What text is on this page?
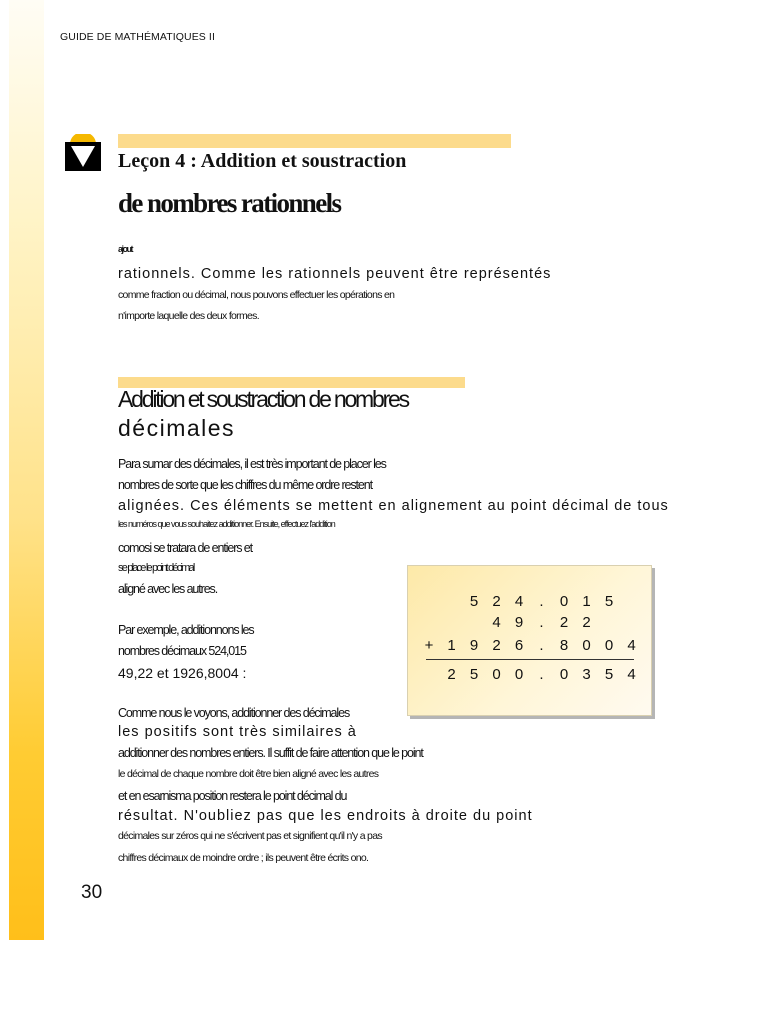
GUIDE DE MATHÉMATIQUES II
Leçon 4 : Addition et soustraction
de nombres rationnels
ajout
rationnels. Comme les rationnels peuvent être représentés
comme fraction ou décimal, nous pouvons effectuer les opérations en
n'importe laquelle des deux formes.
Addition et soustraction de nombres
décimales
Para sumar des décimales, il est très important de placer les
nombres de sorte que les chiffres du même ordre restent
alignées. Ces éléments se mettent en alignement au point décimal de tous
les numéros que vous souhaitez additionner. Ensuite, effectuez l'addition
comosi se tratara de entiers et
se place le point décimal
aligné avec les autres.
Par exemple, additionnons les
nombres décimaux 524,015
49,22 et 1926,8004 :
Comme nous le voyons, additionner des décimales
les positifs sont très similaires à
additionner des nombres entiers. Il suffit de faire attention que le point
le décimal de chaque nombre doit être bien aligné avec les autres
et en esarnisma position restera le point décimal du
résultat. N'oubliez pas que les endroits à droite du point
décimales sur zéros qui ne s'écrivent pas et signifient qu'il n'y a pas
chiffres décimaux de moindre ordre ; ils peuvent être écrits ono.
5 2 4	.	0 1 5
4 9	.	2 2
+ 1 9 2 6	.	8 0 0 4
2 5 0 0	.	0 3 5 4
30
